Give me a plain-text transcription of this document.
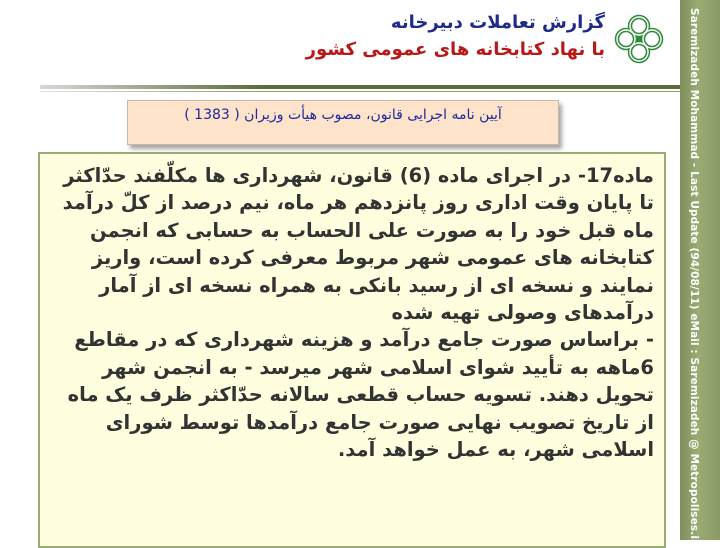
Saremizadeh Mohammad - Last Update (94/08/11) eMail : Saremizadeh @ Metropolises.ir
گزارش تعاملات دبیرخانه
با نهاد کتابخانه های عمومی کشور
آیین نامه اجرایی قانون، مصوب هیأت وزیران ( 1383 )

ماده17- در اجرای ماده (6) قانون، شهرداری ها مکلّفند حدّاکثر تا پایان وقت اداری روز پانزدهم هر ماه، نیم درصد از کلّ درآمد ماه قبل خود را به صورت علی الحساب به حسابی که انجمن کتابخانه های عمومی شهر مربوط معرفی کرده است، واریز نمایند و نسخه ای از رسید بانکی به همراه نسخه ای از آمار درآمدهای وصولی تهیه شده

- براساس صورت جامع درآمد و هزینه شهرداری که در مقاطع 6ماهه به تأیید شوای اسلامی شهر میرسد - به انجمن شهر تحویل دهند. تسویه حساب قطعی سالانه حدّاکثر ظرف یک ماه از تاریخ تصویب نهایی صورت جامع درآمدها توسط شورای اسلامی شهر، به عمل خواهد آمد.
